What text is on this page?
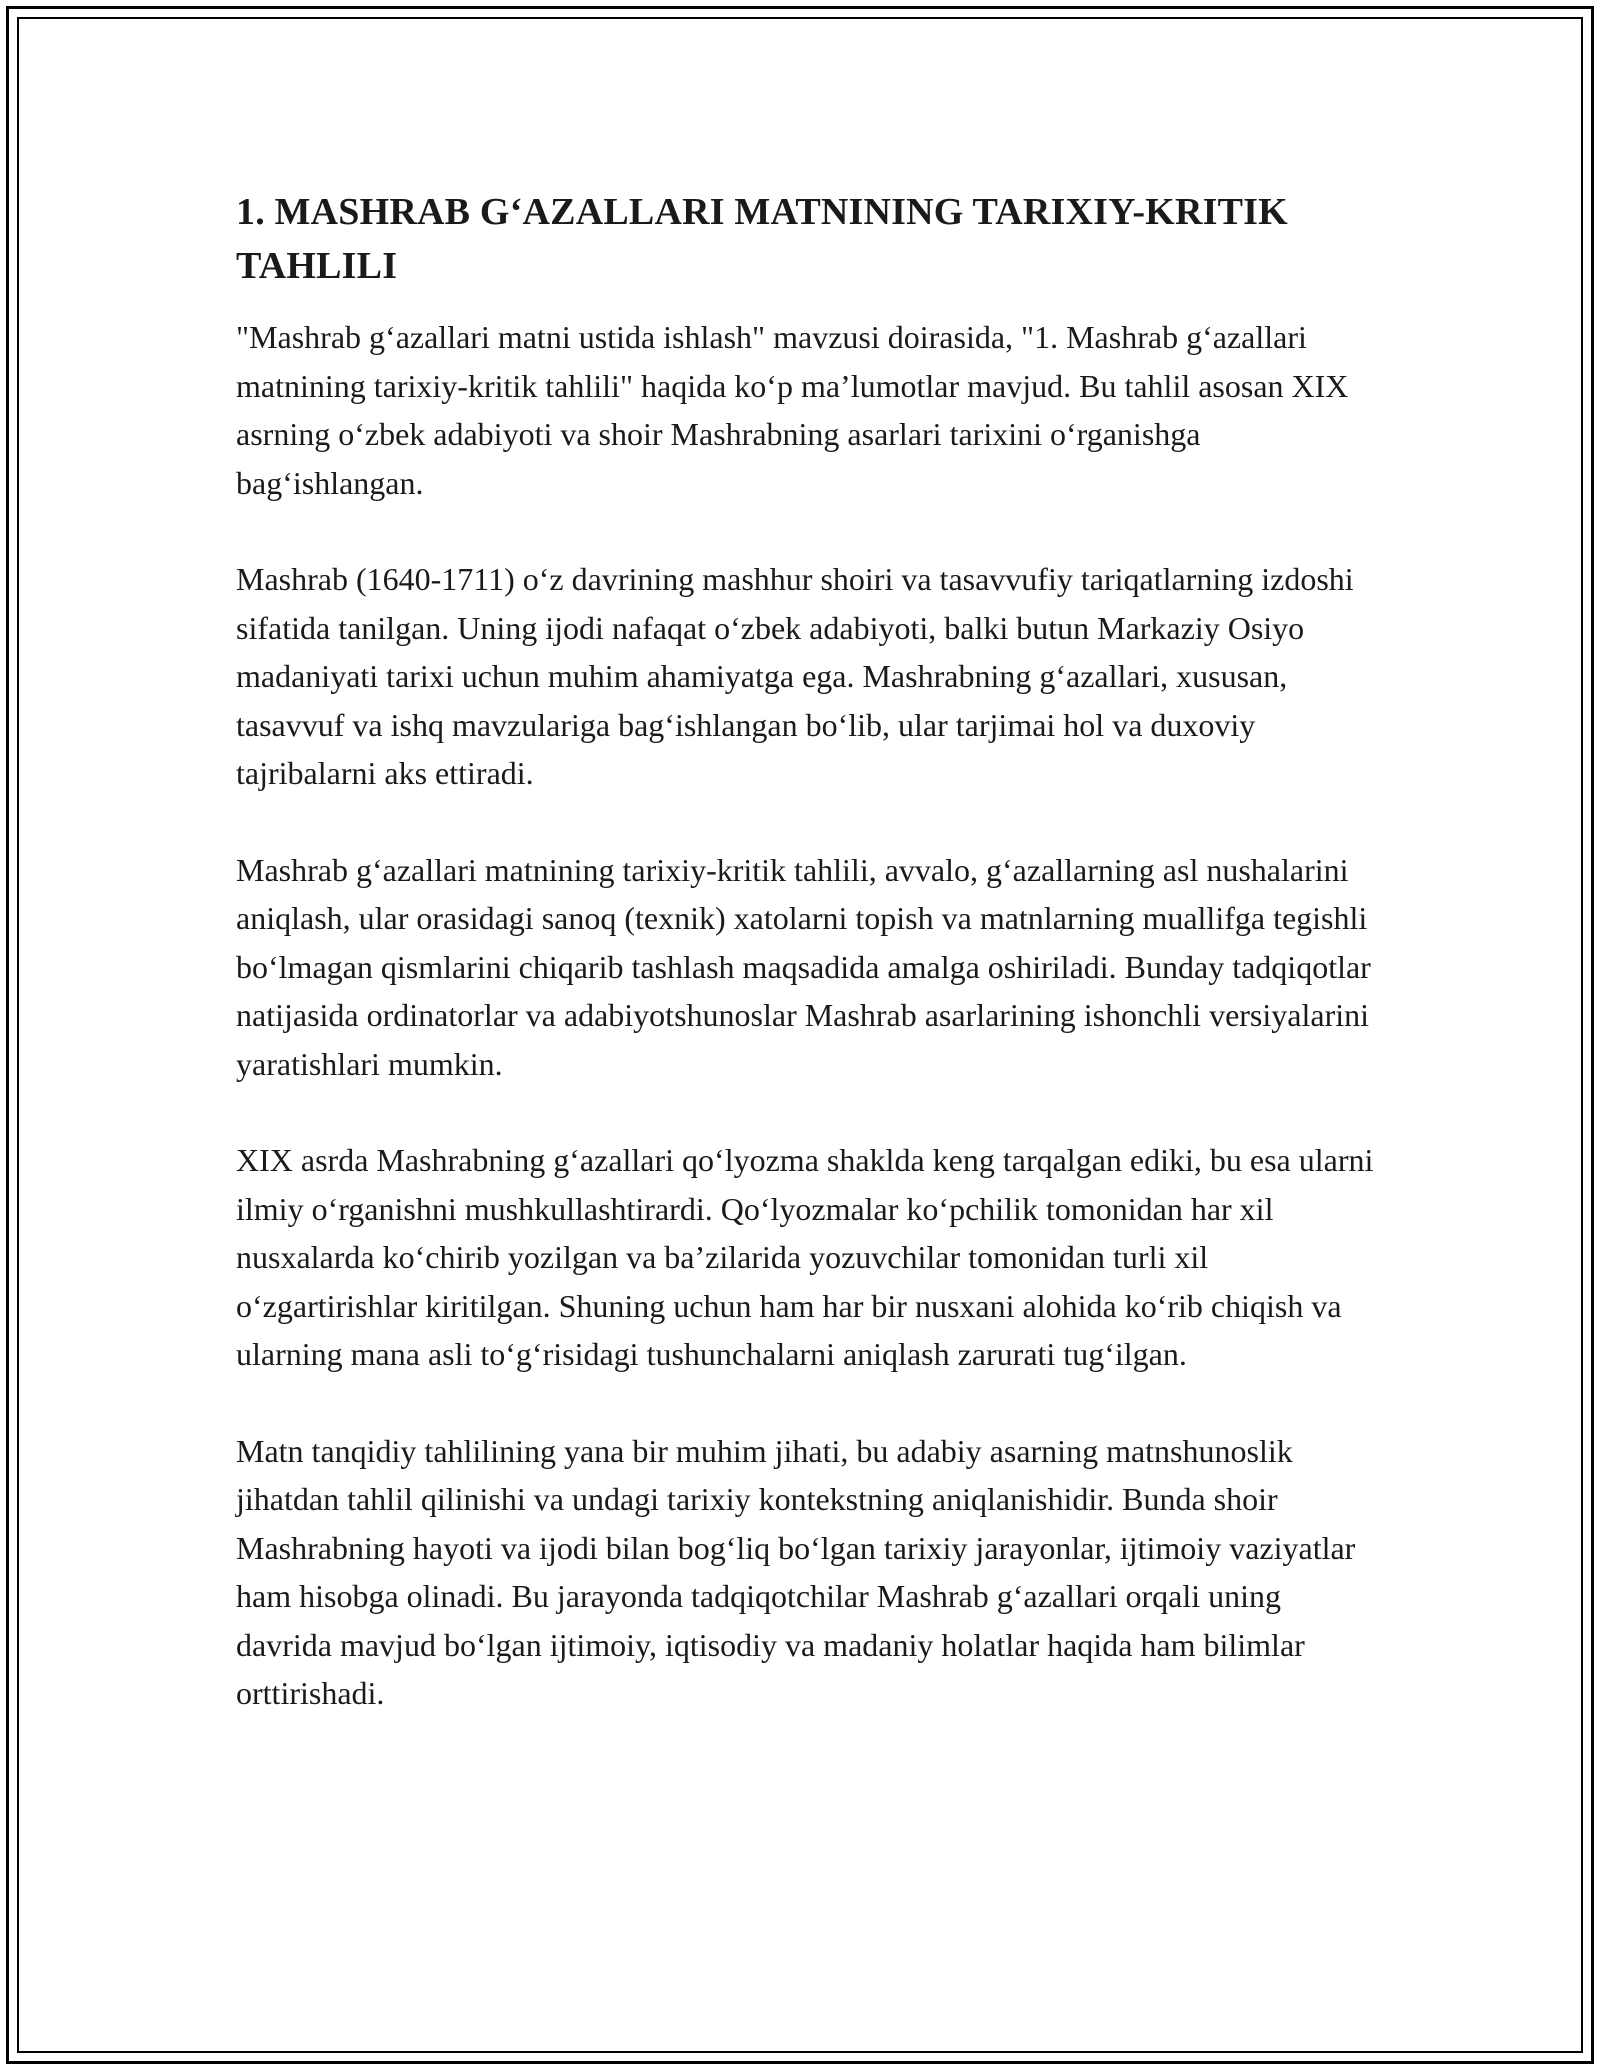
1. MASHRAB G‘AZALLARI MATNINING TARIXIY-KRITIK TAHLILI

"Mashrab g‘azallari matni ustida ishlash" mavzusi doirasida, "1. Mashrab g‘azallari matnining tarixiy-kritik tahlili" haqida ko‘p ma’lumotlar mavjud. Bu tahlil asosan XIX asrning o‘zbek adabiyoti va shoir Mashrabning asarlari tarixini o‘rganishga bag‘ishlangan.

Mashrab (1640-1711) o‘z davrining mashhur shoiri va tasavvufiy tariqatlarning izdoshi sifatida tanilgan. Uning ijodi nafaqat o‘zbek adabiyoti, balki butun Markaziy Osiyo madaniyati tarixi uchun muhim ahamiyatga ega. Mashrabning g‘azallari, xususan, tasavvuf va ishq mavzulariga bag‘ishlangan bo‘lib, ular tarjimai hol va duxoviy tajribalarni aks ettiradi.

Mashrab g‘azallari matnining tarixiy-kritik tahlili, avvalo, g‘azallarning asl nushalarini aniqlash, ular orasidagi sanoq (texnik) xatolarni topish va matnlarning muallifga tegishli bo‘lmagan qismlarini chiqarib tashlash maqsadida amalga oshiriladi. Bunday tadqiqotlar natijasida ordinatorlar va adabiyotshunoslar Mashrab asarlarining ishonchli versiyalarini yaratishlari mumkin.

XIX asrda Mashrabning g‘azallari qo‘lyozma shaklda keng tarqalgan ediki, bu esa ularni ilmiy o‘rganishni mushkullashtirardi. Qo‘lyozmalar ko‘pchilik tomonidan har xil nusxalarda ko‘chirib yozilgan va ba’zilarida yozuvchilar tomonidan turli xil o‘zgartirishlar kiritilgan. Shuning uchun ham har bir nusxani alohida ko‘rib chiqish va ularning mana asli to‘g‘risidagi tushunchalarni aniqlash zarurati tug‘ilgan.

Matn tanqidiy tahlilining yana bir muhim jihati, bu adabiy asarning matnshunoslik jihatdan tahlil qilinishi va undagi tarixiy kontekstning aniqlanishidir. Bunda shoir Mashrabning hayoti va ijodi bilan bog‘liq bo‘lgan tarixiy jarayonlar, ijtimoiy vaziyatlar ham hisobga olinadi. Bu jarayonda tadqiqotchilar Mashrab g‘azallari orqali uning davrida mavjud bo‘lgan ijtimoiy, iqtisodiy va madaniy holatlar haqida ham bilimlar orttirishadi.
